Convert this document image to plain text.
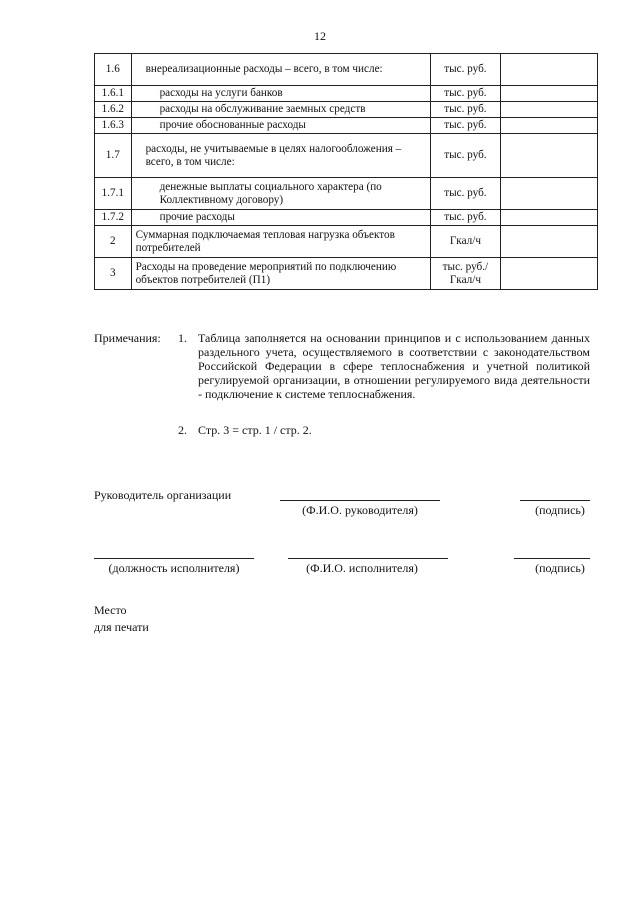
12
1.6	внереализационные расходы – всего, в том числе:	тыс. руб.	
1.6.1	расходы на услуги банков	тыс. руб.	
1.6.2	расходы на обслуживание заемных средств	тыс. руб.	
1.6.3	прочие обоснованные расходы	тыс. руб.	
1.7	расходы, не учитываемые в целях налогообложения – всего, в том числе:	тыс. руб.	
1.7.1	денежные выплаты социального характера (по Коллективному договору)	тыс. руб.	
1.7.2	прочие расходы	тыс. руб.	
2	Суммарная подключаемая тепловая нагрузка объектов потребителей	Гкал/ч	
3	Расходы на проведение мероприятий по подключению объектов потребителей (П1)	тыс. руб./ Гкал/ч	
Примечания: 1. Таблица заполняется на основании принципов и с использованием данных раздельного учета, осуществляемого в соответствии с законодательством Российской Федерации в сфере теплоснабжения и учетной политикой регулируемой организации, в отношении регулируемого вида деятельности - подключение к системе теплоснабжения.
2. Стр. 3 = стр. 1 / стр. 2.
Руководитель организации
(Ф.И.О. руководителя)	(подпись)
(должность исполнителя)	(Ф.И.О. исполнителя)	(подпись)
Место
для печати
